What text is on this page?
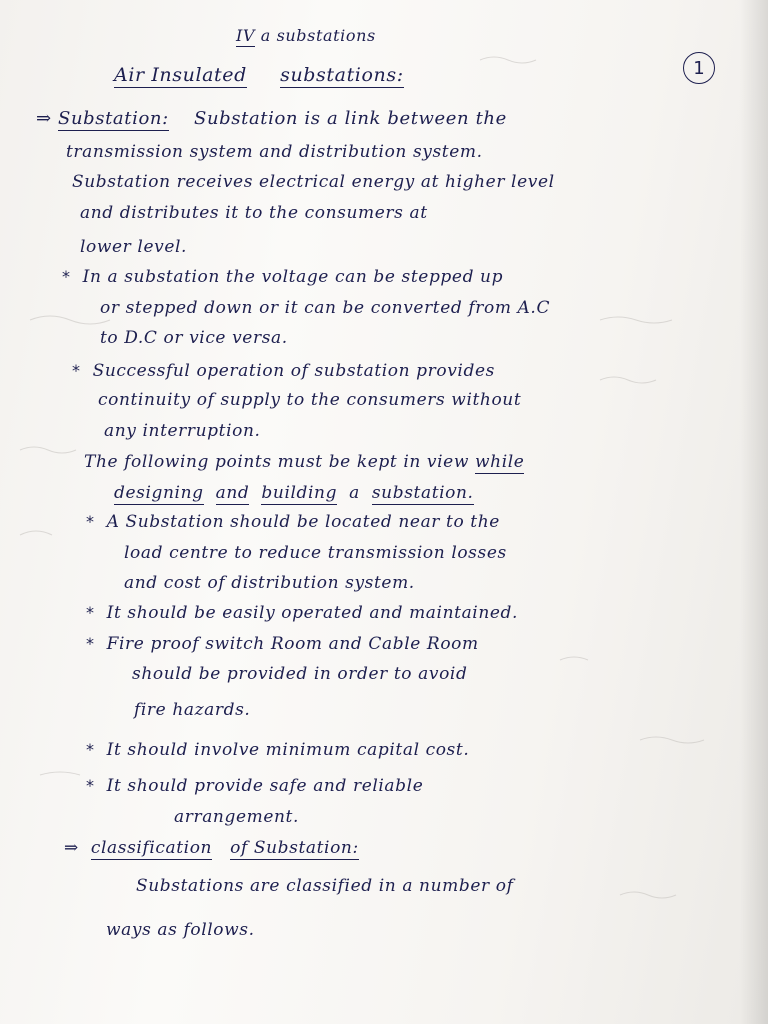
IV a substations
1
Air Insulated substations:
⇒ Substation: Substation is a link between the
transmission system and distribution system.
Substation receives electrical energy at higher level
and distributes it to the consumers at
lower level.
* In a substation the voltage can be stepped up
or stepped down or it can be converted from A.C
to D.C or vice versa.
* Successful operation of substation provides
continuity of supply to the consumers without
any interruption.
The following points must be kept in view while
designing and building a substation.
* A Substation should be located near to the
load centre to reduce transmission losses
and cost of distribution system.
* It should be easily operated and maintained.
* Fire proof switch Room and Cable Room
should be provided in order to avoid
fire hazards.
* It should involve minimum capital cost.
* It should provide safe and reliable
arrangement.
⇒ classification of Substation:
Substations are classified in a number of
ways as follows.
